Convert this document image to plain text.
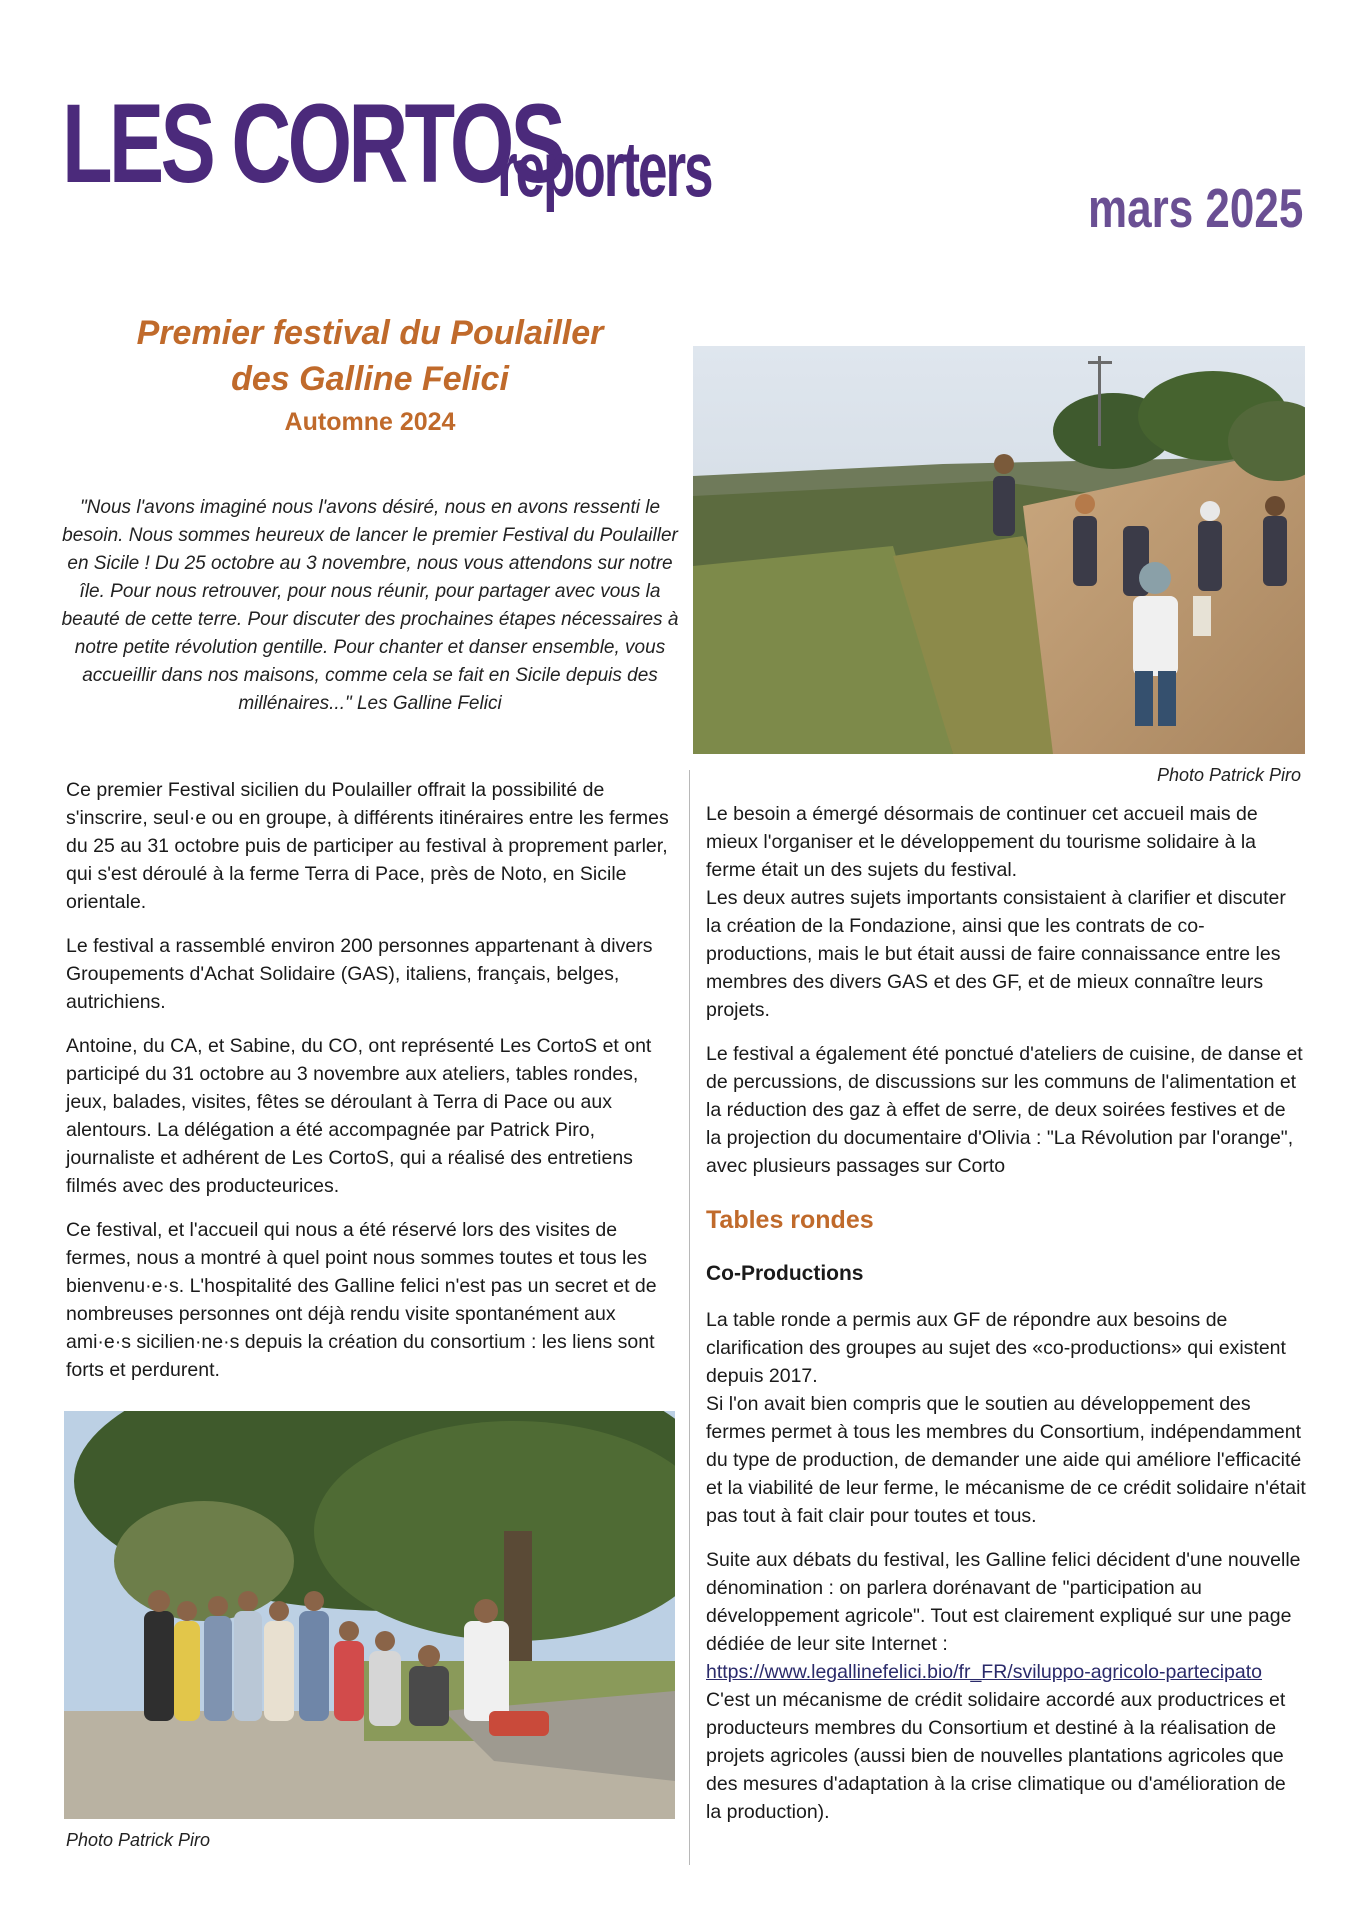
LES CORTOS
reporters	mars 2025
Premier festival du Poulailler
des Galline Felici
Automne 2024
"Nous l'avons imaginé nous l'avons désiré, nous en avons ressenti le besoin. Nous sommes heureux de lancer le premier Festival du Poulailler en Sicile ! Du 25 octobre au 3 novembre, nous vous attendons sur notre île. Pour nous retrouver, pour nous réunir, pour partager avec vous la beauté de cette terre. Pour discuter des prochaines étapes nécessaires à notre petite révolution gentille. Pour chanter et danser ensemble, vous accueillir dans nos maisons, comme cela se fait en Sicile depuis des millénaires..." Les Galline Felici
Photo Patrick Piro

Ce premier Festival sicilien du Poulailler offrait la possibilité de s'inscrire, seul·e ou en groupe, à différents itinéraires entre les fermes du 25 au 31 octobre puis de participer au festival à proprement parler, qui s'est déroulé à la ferme Terra di Pace, près de Noto, en Sicile orientale.

Le festival a rassemblé environ 200 personnes appartenant à divers Groupements d'Achat Solidaire (GAS), italiens, français, belges, autrichiens.

Antoine, du CA, et Sabine, du CO, ont représenté Les CortoS et ont participé du 31 octobre au 3 novembre aux ateliers, tables rondes, jeux, balades, visites, fêtes se déroulant à Terra di Pace ou aux alentours. La délégation a été accompagnée par Patrick Piro, journaliste et adhérent de Les CortoS, qui a réalisé des entretiens filmés avec des producteurices.

Ce festival, et l'accueil qui nous a été réservé lors des visites de fermes, nous a montré à quel point nous sommes toutes et tous les bienvenu·e·s. L'hospitalité des Galline felici n'est pas un secret et de nombreuses personnes ont déjà rendu visite spontanément aux ami·e·s sicilien·ne·s depuis la création du consortium : les liens sont forts et perdurent.

Le besoin a émergé désormais de continuer cet accueil mais de mieux l'organiser et le développement du tourisme solidaire à la ferme était un des sujets du festival.

Les deux autres sujets importants consistaient à clarifier et discuter la création de la Fondazione, ainsi que les contrats de co-productions, mais le but était aussi de faire connaissance entre les membres des divers GAS et des GF, et de mieux connaître leurs projets.

Le festival a également été ponctué d'ateliers de cuisine, de danse et de percussions, de discussions sur les communs de l'alimentation et la réduction des gaz à effet de serre, de deux soirées festives et de la projection du documentaire d'Olivia : "La Révolution par l'orange", avec plusieurs passages sur Corto

Tables rondes
Co-Productions

La table ronde a permis aux GF de répondre aux besoins de clarification des groupes au sujet des «co-productions» qui existent depuis 2017.

Si l'on avait bien compris que le soutien au développement des fermes permet à tous les membres du Consortium, indépendamment du type de production, de demander une aide qui améliore l'efficacité et la viabilité de leur ferme, le mécanisme de ce crédit solidaire n'était pas tout à fait clair pour toutes et tous.

Suite aux débats du festival, les Galline felici décident d'une nouvelle dénomination : on parlera dorénavant de "participation au développement agricole". Tout est clairement expliqué sur une page dédiée de leur site Internet : https://www.legallinefelici.bio/fr_FR/sviluppo-agricolo-partecipato

C'est un mécanisme de crédit solidaire accordé aux productrices et producteurs membres du Consortium et destiné à la réalisation de projets agricoles (aussi bien de nouvelles plantations agricoles que des mesures d'adaptation à la crise climatique ou d'amélioration de la production).

Photo Patrick Piro
